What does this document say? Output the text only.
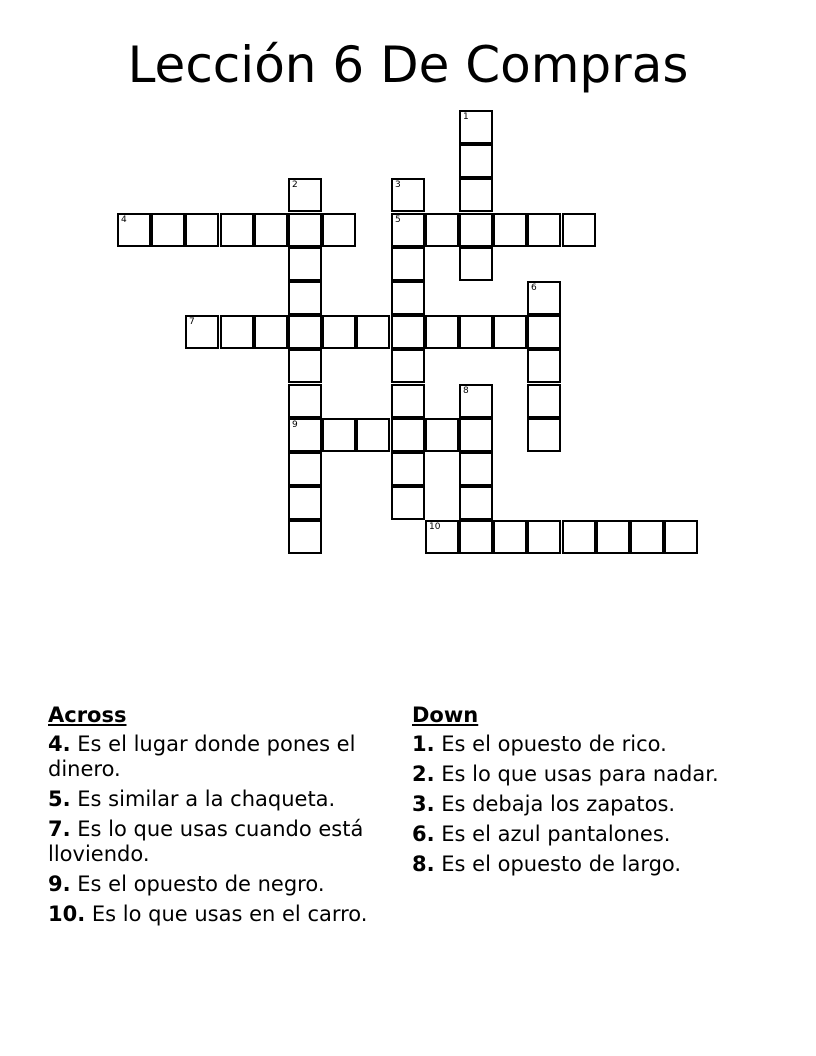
Lección 6 De Compras
1
2	3
4	5
6
7
8
9
10
Across
4. Es el lugar donde pones el dinero.
5. Es similar a la chaqueta.
7. Es lo que usas cuando está lloviendo.
9. Es el opuesto de negro.
10. Es lo que usas en el carro.
Down
1. Es el opuesto de rico.
2. Es lo que usas para nadar.
3. Es debaja los zapatos.
6. Es el azul pantalones.
8. Es el opuesto de largo.
